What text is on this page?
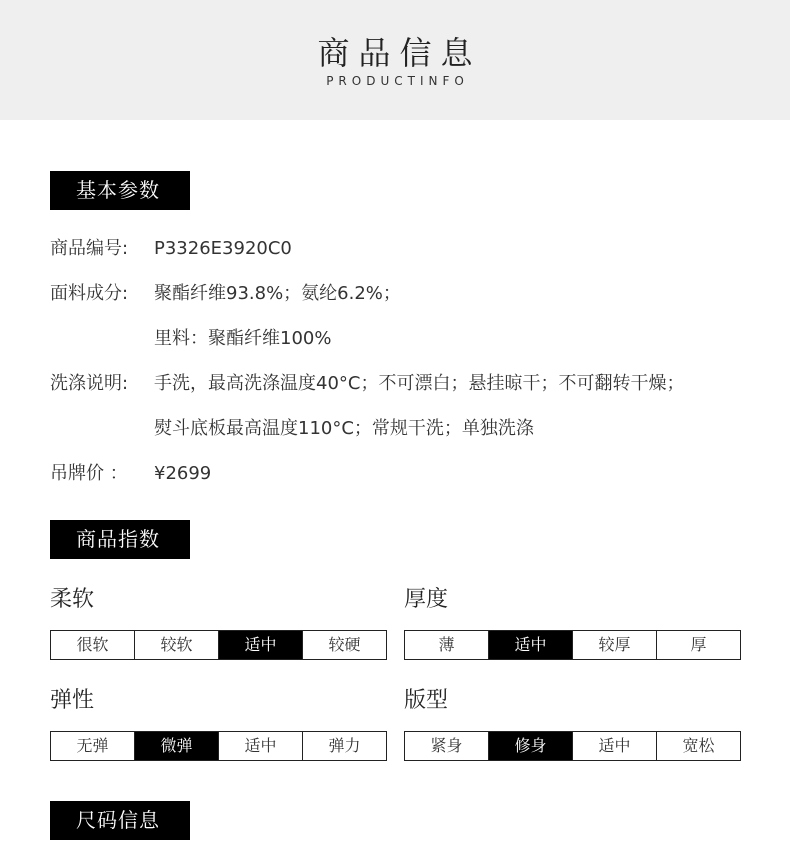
商品信息
PRODUCTINFO
基本参数
商品编号: P3326E3920C0
面料成分: 聚酯纤维93.8%；氨纶6.2%；
里料：聚酯纤维100%
洗涤说明: 手洗，最高洗涤温度40°C；不可漂白；悬挂晾干；不可翻转干燥；
熨斗底板最高温度110°C；常规干洗；单独洗涤
吊牌价 ： ¥2699
商品指数
柔软
很软	较软	适中	较硬
厚度
薄	适中	较厚	厚
弹性
无弹	微弹	适中	弹力
版型
紧身	修身	适中	宽松
尺码信息
